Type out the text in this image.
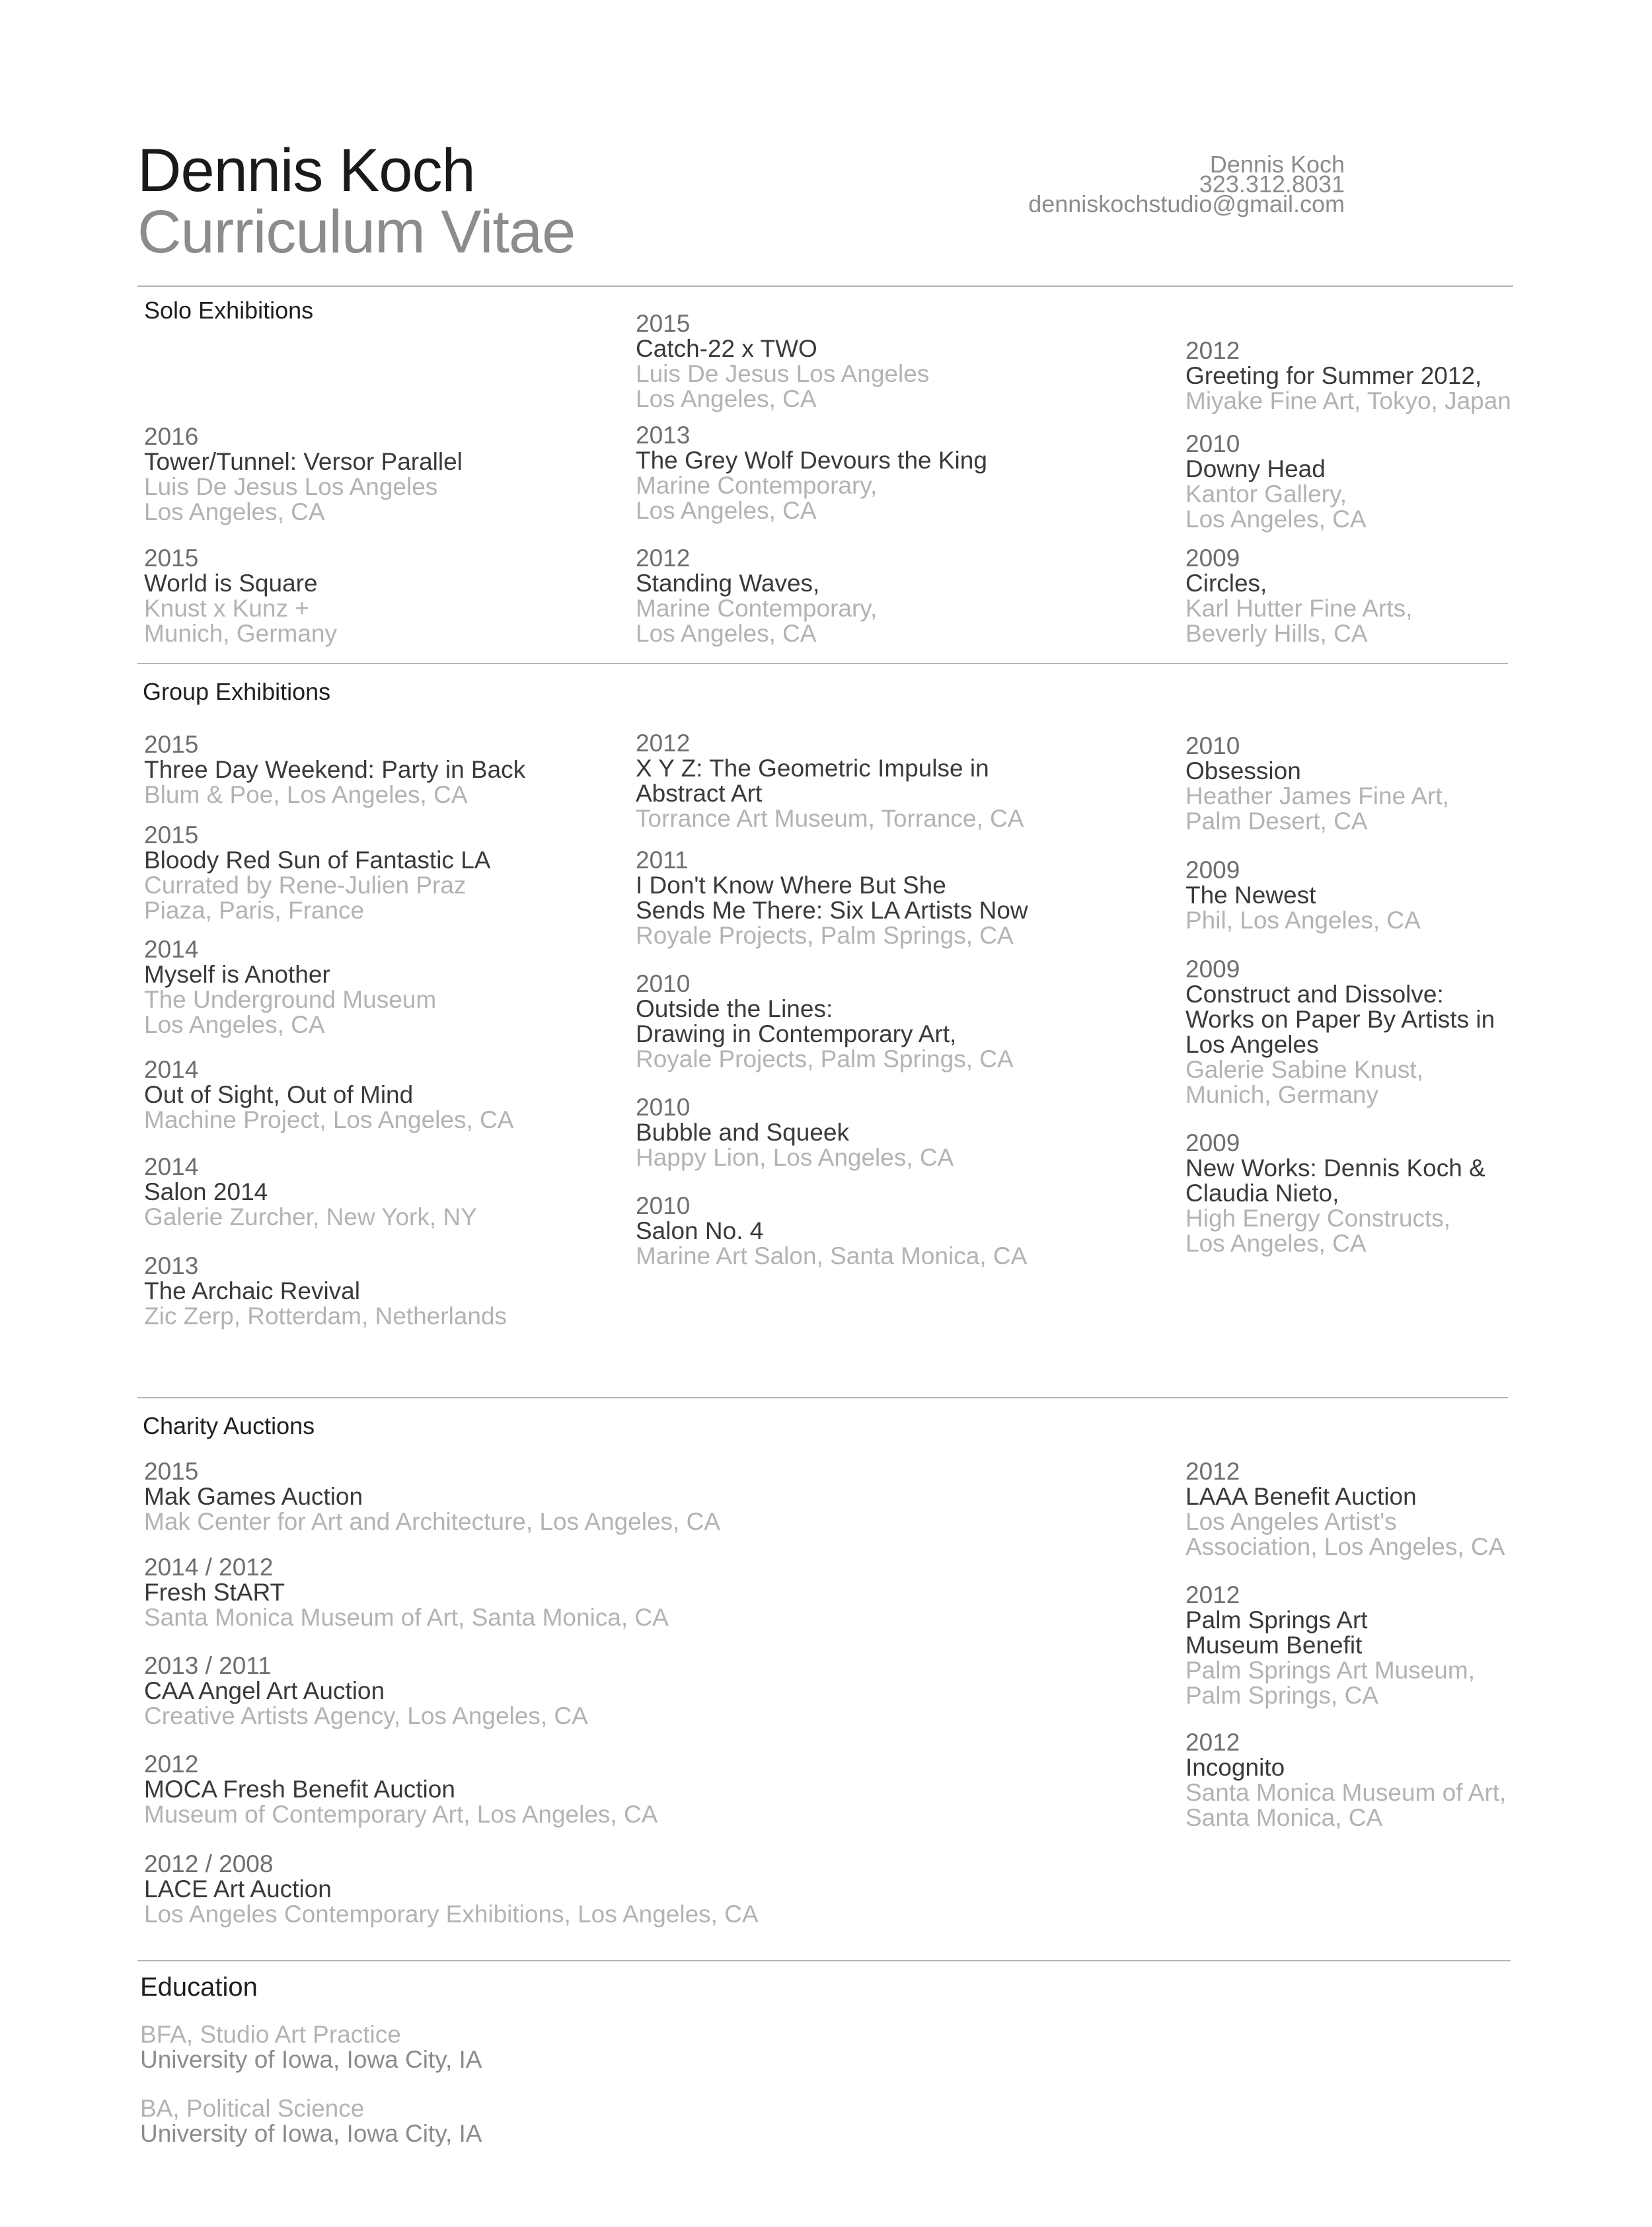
Dennis Koch
Curriculum Vitae
Dennis Koch
323.312.8031
denniskochstudio@gmail.com
Solo Exhibitions
2016
Tower/Tunnel: Versor Parallel
Luis De Jesus Los Angeles
Los Angeles, CA
2015
World is Square
Knust x Kunz +
Munich, Germany
2015
Catch-22 x TWO
Luis De Jesus Los Angeles
Los Angeles, CA
2013
The Grey Wolf Devours the King
Marine Contemporary,
Los Angeles, CA
2012
Standing Waves,
Marine Contemporary,
Los Angeles, CA
2012
Greeting for Summer 2012,
Miyake Fine Art, Tokyo, Japan
2010
Downy Head
Kantor Gallery,
Los Angeles, CA
2009
Circles,
Karl Hutter Fine Arts,
Beverly Hills, CA
Group Exhibitions
2015
Three Day Weekend: Party in Back
Blum & Poe, Los Angeles, CA
2015
Bloody Red Sun of Fantastic LA
Currated by Rene-Julien Praz
Piaza, Paris, France
2014
Myself is Another
The Underground Museum
Los Angeles, CA
2014
Out of Sight, Out of Mind
Machine Project, Los Angeles, CA
2014
Salon 2014
Galerie Zurcher, New York, NY
2013
The Archaic Revival
Zic Zerp, Rotterdam, Netherlands
2012
X Y Z: The Geometric Impulse in
Abstract Art
Torrance Art Museum, Torrance, CA
2011
I Don't Know Where But She
Sends Me There: Six LA Artists Now
Royale Projects, Palm Springs, CA
2010
Outside the Lines:
Drawing in Contemporary Art,
Royale Projects, Palm Springs, CA
2010
Bubble and Squeek
Happy Lion, Los Angeles, CA
2010
Salon No. 4
Marine Art Salon, Santa Monica, CA
2010
Obsession
Heather James Fine Art,
Palm Desert, CA
2009
The Newest
Phil, Los Angeles, CA
2009
Construct and Dissolve:
Works on Paper By Artists in
Los Angeles
Galerie Sabine Knust,
Munich, Germany
2009
New Works: Dennis Koch &
Claudia Nieto,
High Energy Constructs,
Los Angeles, CA
Charity Auctions
2015
Mak Games Auction
Mak Center for Art and Architecture, Los Angeles, CA
2014 / 2012
Fresh StART
Santa Monica Museum of Art, Santa Monica, CA
2013 / 2011
CAA Angel Art Auction
Creative Artists Agency, Los Angeles, CA
2012
MOCA Fresh Benefit Auction
Museum of Contemporary Art, Los Angeles, CA
2012 / 2008
LACE Art Auction
Los Angeles Contemporary Exhibitions, Los Angeles, CA
2012
LAAA Benefit Auction
Los Angeles Artist's
Association, Los Angeles, CA
2012
Palm Springs Art
Museum Benefit
Palm Springs Art Museum,
Palm Springs, CA
2012
Incognito
Santa Monica Museum of Art,
Santa Monica, CA
Education
BFA, Studio Art Practice
University of Iowa, Iowa City, IA
BA, Political Science
University of Iowa, Iowa City, IA
